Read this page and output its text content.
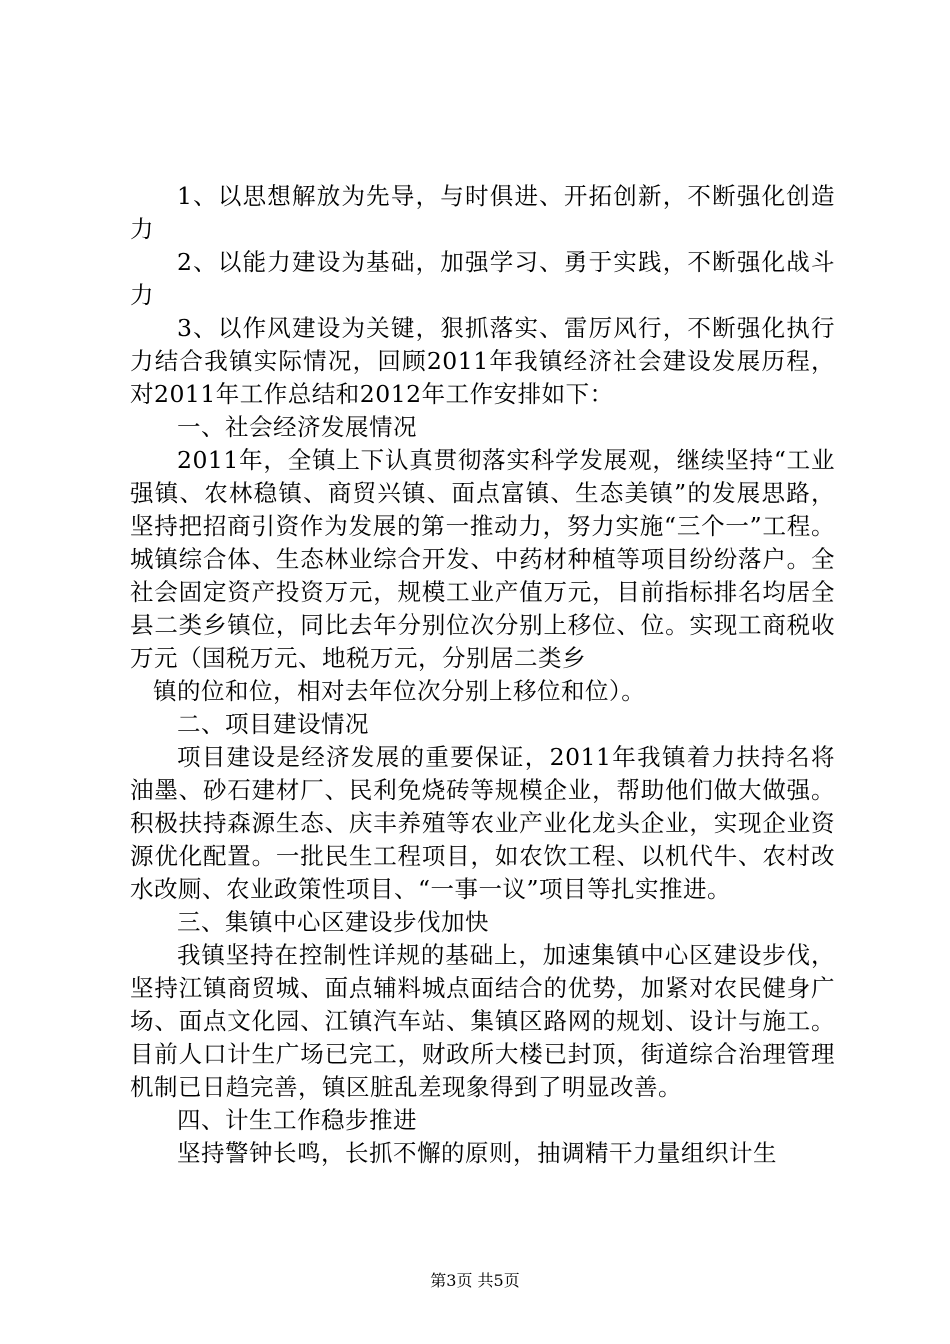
1、以思想解放为先导，与时俱进、开拓创新，不断强化创造力

2、以能力建设为基础，加强学习、勇于实践，不断强化战斗力

3、以作风建设为关键，狠抓落实、雷厉风行，不断强化执行力结合我镇实际情况，回顾2011年我镇经济社会建设发展历程，对2011年工作总结和2012年工作安排如下：

一、社会经济发展情况

2011年，全镇上下认真贯彻落实科学发展观，继续坚持“工业强镇、农林稳镇、商贸兴镇、面点富镇、生态美镇”的发展思路，坚持把招商引资作为发展的第一推动力，努力实施“三个一”工程。城镇综合体、生态林业综合开发、中药材种植等项目纷纷落户。全社会固定资产投资万元，规模工业产值万元，目前指标排名均居全县二类乡镇位，同比去年分别位次分别上移位、位。实现工商税收万元（国税万元、地税万元，分别居二类乡

镇的位和位，相对去年位次分别上移位和位）。

二、项目建设情况

项目建设是经济发展的重要保证，2011年我镇着力扶持名将油墨、砂石建材厂、民利免烧砖等规模企业，帮助他们做大做强。积极扶持森源生态、庆丰养殖等农业产业化龙头企业，实现企业资源优化配置。一批民生工程项目，如农饮工程、以机代牛、农村改水改厕、农业政策性项目、“一事一议”项目等扎实推进。

三、集镇中心区建设步伐加快

我镇坚持在控制性详规的基础上，加速集镇中心区建设步伐，坚持江镇商贸城、面点辅料城点面结合的优势，加紧对农民健身广场、面点文化园、江镇汽车站、集镇区路网的规划、设计与施工。目前人口计生广场已完工，财政所大楼已封顶，街道综合治理管理机制已日趋完善，镇区脏乱差现象得到了明显改善。

四、计生工作稳步推进

坚持警钟长鸣，长抓不懈的原则，抽调精干力量组织计生

第3页 共5页
